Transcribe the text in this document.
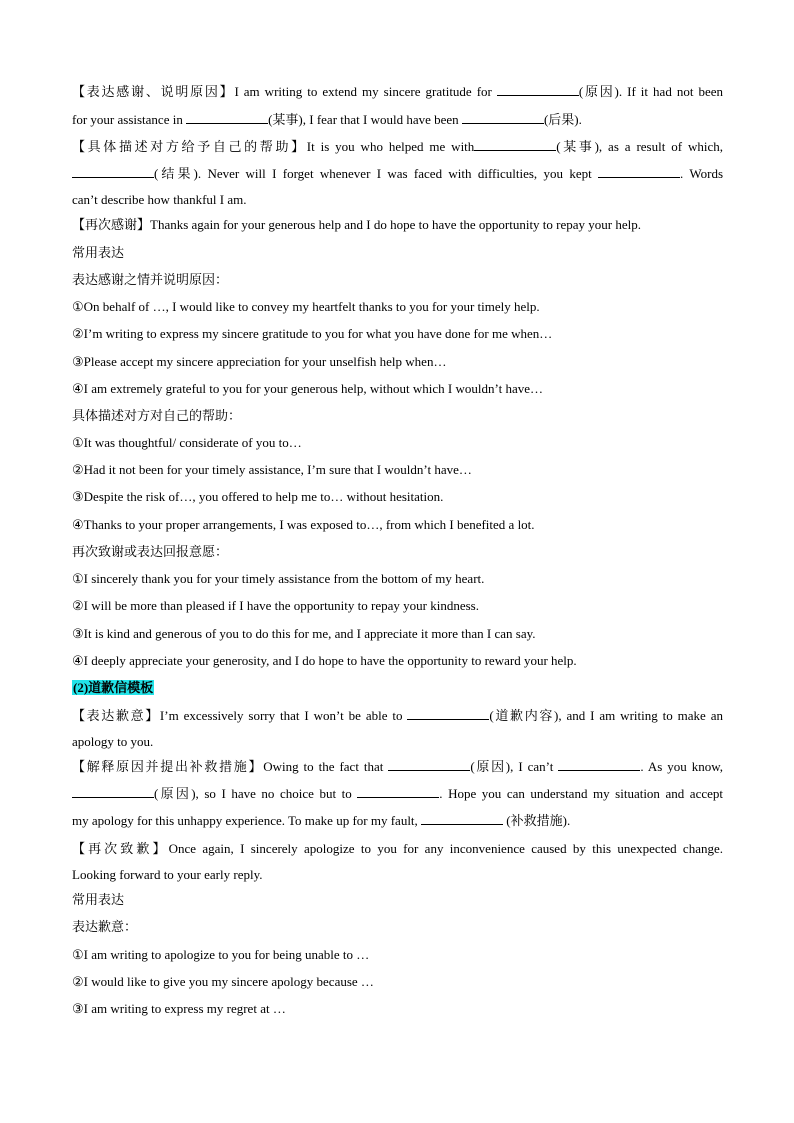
【表达感谢、说明原因】I am writing to extend my sincere gratitude for	(原因). If it had not been
for your assistance in	(某事), I fear that I would have been	(后果).
【具体描述对方给予自己的帮助】It is you who helped me with	(某事), as a result of which,
(结果). Never will I forget whenever I was faced with difficulties, you kept	. Words
can’t describe how thankful I am.
【再次感谢】Thanks again for your generous help and I do hope to have the opportunity to repay your help.
常用表达
表达感谢之情并说明原因：
①On behalf of …, I would like to convey my heartfelt thanks to you for your timely help.
②I’m writing to express my sincere gratitude to you for what you have done for me when…
③Please accept my sincere appreciation for your unselfish help when…
④I am extremely grateful to you for your generous help, without which I wouldn’t have…
具体描述对方对自己的帮助：
①It was thoughtful/ considerate of you to…
②Had it not been for your timely assistance, I’m sure that I wouldn’t have…
③Despite the risk of…, you offered to help me to… without hesitation.
④Thanks to your proper arrangements, I was exposed to…, from which I benefited a lot.
再次致谢或表达回报意愿：
①I sincerely thank you for your timely assistance from the bottom of my heart.
②I will be more than pleased if I have the opportunity to repay your kindness.
③It is kind and generous of you to do this for me, and I appreciate it more than I can say.
④I deeply appreciate your generosity, and I do hope to have the opportunity to reward your help.
(2)道歉信模板
【表达歉意】I’m excessively sorry that I won’t be able to	(道歉内容), and I am writing to make an
apology to you.
【解释原因并提出补救措施】Owing to the fact that	(原因), I can’t	. As you know,
(原因), so I have no choice but to	. Hope you can understand my situation and accept
my apology for this unhappy experience. To make up for my fault,	(补救措施).
【再次致歉】Once again, I sincerely apologize to you for any inconvenience caused by this unexpected change.
Looking forward to your early reply.
常用表达
表达歉意：
①I am writing to apologize to you for being unable to …
②I would like to give you my sincere apology because …
③I am writing to express my regret at …
